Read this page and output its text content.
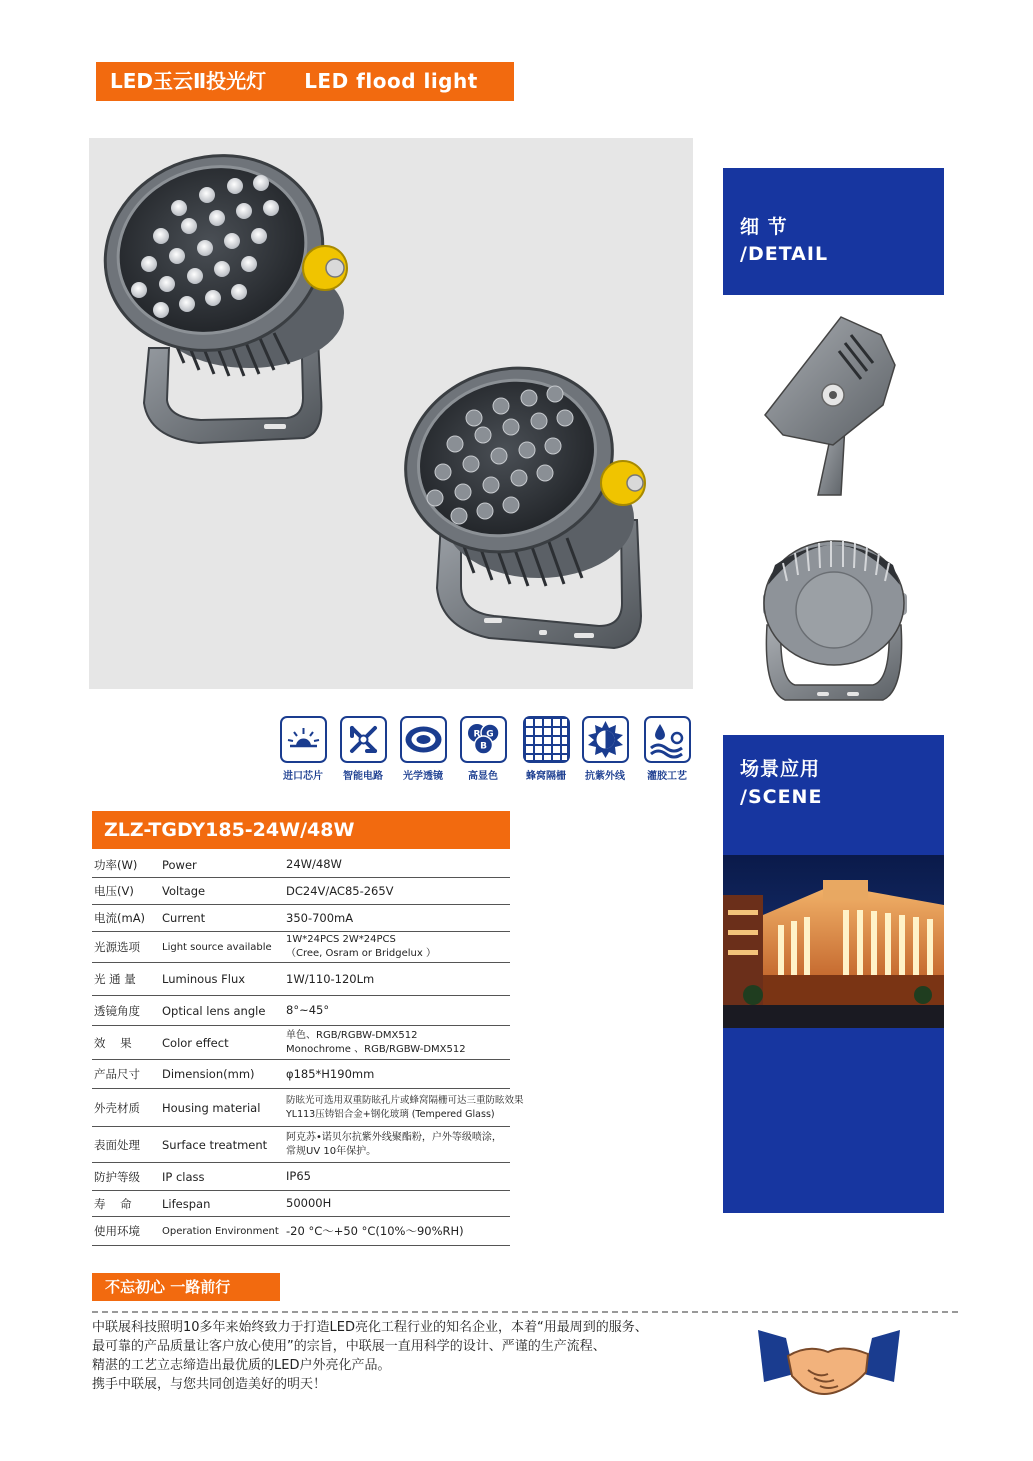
LED玉云Ⅱ投光灯 LED flood light
进口芯片	智能电路	光学透镜
R G
B
高显色	蜂窝隔栅	抗紫外线	灌胶工艺
ZLZ-TGDY185-24W/48W
功率(W) Power	24W/48W
电压(V) Voltage	DC24V/AC85-265V
电流(mA) Current	350-700mA
光源选项 Light source available
1W*24PCS 2W*24PCS
（Cree, Osram or Bridgelux ）
光 通 量 Luminous Flux	1W/110-120Lm
透镜角度 Optical lens angle 8°~45°
效    果	Color effect
单色、RGB/RGBW-DMX512
Monochrome 、RGB/RGBW-DMX512
产品尺寸 Dimension(mm)	φ185*H190mm
外壳材质 Housing material
防眩光可选用双重防眩孔片或蜂窝隔栅可达三重防眩效果
YL113压铸铝合金+钢化玻璃 (Tempered Glass)
表面处理 Surface treatment
阿克苏•诺贝尔抗紫外线聚酯粉，户外等级喷涂，
常规UV 10年保护。
防护等级 IP class	IP65
寿    命	Lifespan	50000H
使用环境 Operation Environment -20 °C～+50 °C(10%～90%RH)
细 节
/DETAIL
场景应用
/SCENE
不忘初心 一路前行

中联展科技照明10多年来始终致力于打造LED亮化工程行业的知名企业，本着“用最周到的服务、

最可靠的产品质量让客户放心使用”的宗旨，中联展一直用科学的设计、严谨的生产流程、

精湛的工艺立志缔造出最优质的LED户外亮化产品。

携手中联展，与您共同创造美好的明天！
